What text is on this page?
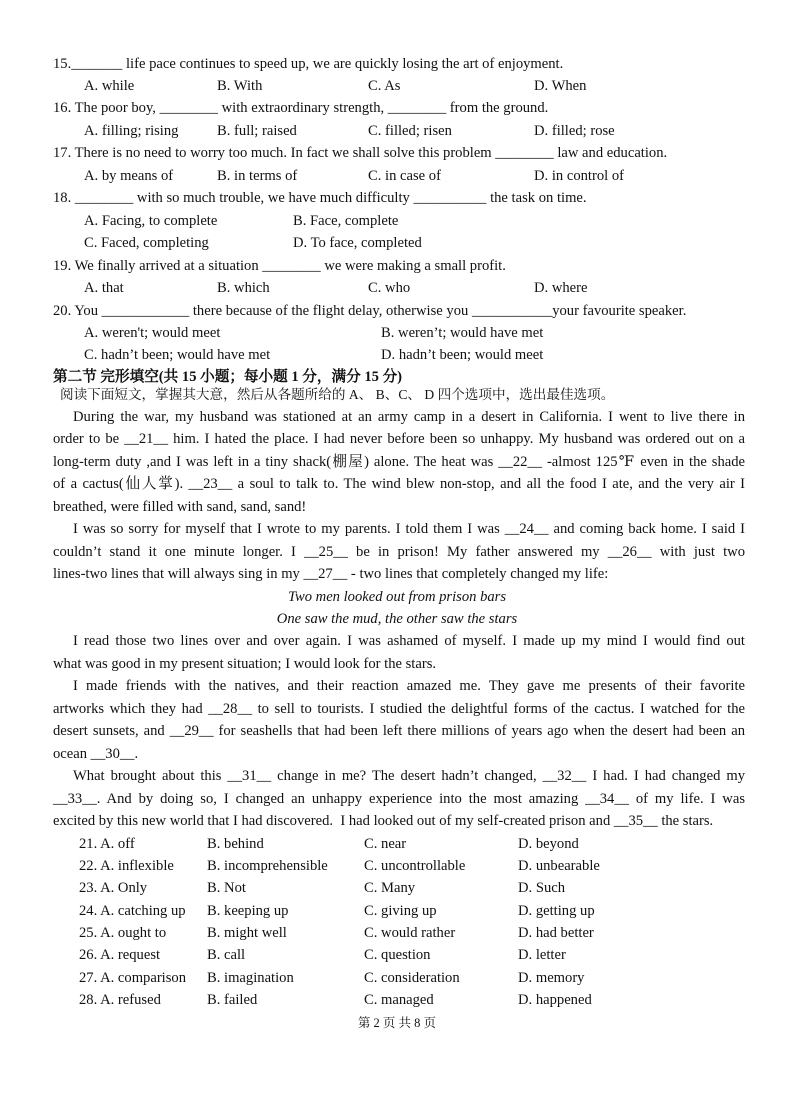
15._______ life pace continues to speed up, we are quickly losing the art of enjoyment.
A. while	B. With	C. As	D. When
16. The poor boy, ________ with extraordinary strength, ________ from the ground.
A. filling; rising	B. full; raised	C. filled; risen	D. filled; rose
17. There is no need to worry too much. In fact we shall solve this problem ________ law and education.
A. by means of	B. in terms of	C. in case of	D. in control of
18. ________ with so much trouble, we have much difficulty __________ the task on time.
A. Facing, to complete	B. Face, complete
C. Faced, completing	D. To face, completed
19. We finally arrived at a situation ________ we were making a small profit.
A. that	B. which	C. who	D. where
20. You ____________ there because of the flight delay, otherwise you ___________your favourite speaker.
A. weren't; would meet	B. weren’t; would have met
C. hadn’t been; would have met	D. hadn’t been; would meet
第二节 完形填空(共 15 小题；每小题 1 分，满分 15 分)
阅读下面短文，掌握其大意，然后从各题所给的 A、 B、C、 D 四个选项中，选出最佳选项。
During the war, my husband was stationed at an army camp in a desert in California. I went to live there in
order to be __21__ him. I hated the place. I had never before been so unhappy. My husband was ordered out on a
long-term duty ,and I was left in a tiny shack(棚屋) alone. The heat was __22__ -almost 125℉ even in the shade
of a cactus(仙人掌). __23__ a soul to talk to. The wind blew non-stop, and all the food I ate, and the very air I
breathed, were filled with sand, sand, sand!
I was so sorry for myself that I wrote to my parents. I told them I was __24__ and coming back home. I said I
couldn’t stand it one minute longer. I __25__ be in prison! My father answered my __26__ with just two
lines-two lines that will always sing in my __27__ - two lines that completely changed my life:
Two men looked out from prison bars
One saw the mud, the other saw the stars
I read those two lines over and over again. I was ashamed of myself. I made up my mind I would find out
what was good in my present situation; I would look for the stars.
I made friends with the natives, and their reaction amazed me. They gave me presents of their favorite
artworks which they had __28__ to sell to tourists. I studied the delightful forms of the cactus. I watched for the
desert sunsets, and __29__ for seashells that had been left there millions of years ago when the desert had been an
ocean __30__.
What brought about this __31__ change in me? The desert hadn’t changed, __32__ I had. I had changed my
__33__. And by doing so, I changed an unhappy experience into the most amazing __34__ of my life. I was
excited by this new world that I had discovered.  I had looked out of my self-created prison and __35__ the stars.
21. A. off	B. behind	C. near	D. beyond
22. A. inflexible B. incomprehensible C. uncontrollable	D. unbearable
23. A. Only	B. Not	C. Many	D. Such
24. A. catching up B. keeping up	C. giving up	D. getting up
25. A. ought to	B. might well	C. would rather	D. had better
26. A. request	B. call	C. question	D. letter
27. A. comparison B. imagination	C. consideration	D. memory
28. A. refused	B. failed	C. managed	D. happened
第 2 页 共 8 页
